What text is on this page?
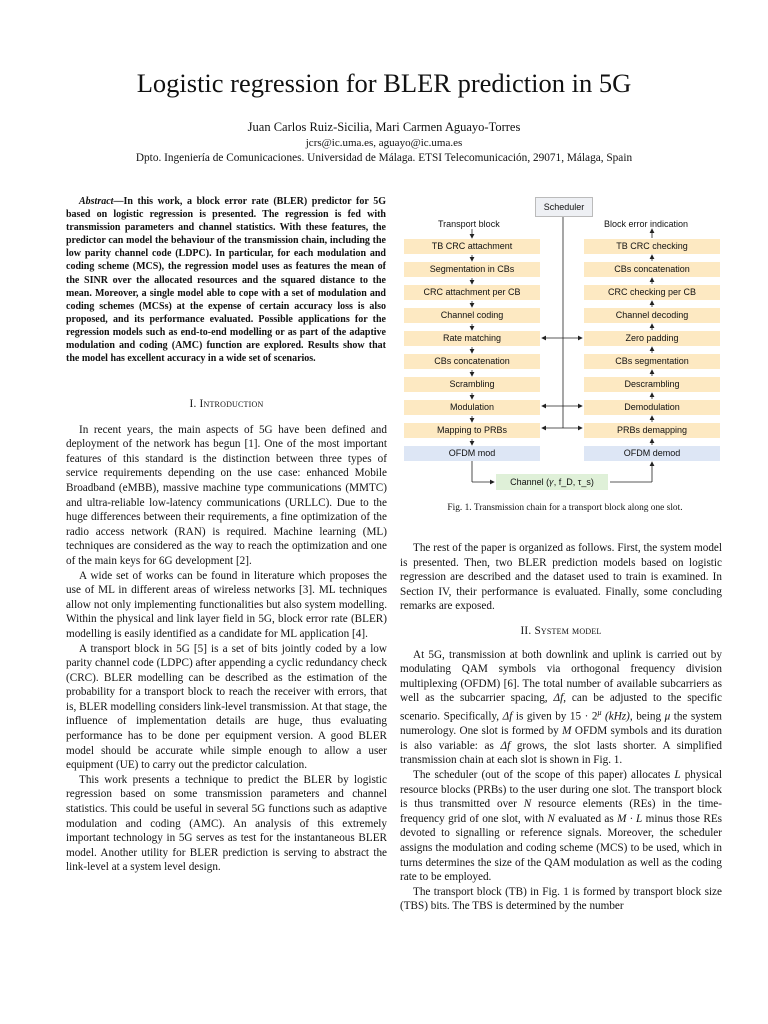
Logistic regression for BLER prediction in 5G
Juan Carlos Ruiz-Sicilia, Mari Carmen Aguayo-Torres
jcrs@ic.uma.es, aguayo@ic.uma.es
Dpto. Ingeniería de Comunicaciones. Universidad de Málaga. ETSI Telecomunicación, 29071, Málaga, Spain
Abstract—In this work, a block error rate (BLER) predictor for 5G based on logistic regression is presented. The regression is fed with transmission parameters and channel statistics. With these features, the predictor can model the behaviour of the transmission chain, including the low parity channel code (LDPC). In particular, for each modulation and coding scheme (MCS), the regression model uses as features the mean of the SINR over the allocated resources and the squared distance to the mean. Moreover, a single model able to cope with a set of modulation and coding schemes (MCSs) at the expense of certain accuracy loss is also proposed, and its performance evaluated. Possible applications for the regression models such as end-to-end modelling or as part of the adaptive modulation and coding (AMC) function are explored. Results show that the model has excellent accuracy in a wide set of scenarios.
I. Introduction

In recent years, the main aspects of 5G have been defined and deployment of the network has begun [1]. One of the most important features of this standard is the distinction between three types of service requirements depending on the use case: enhanced Mobile Broadband (eMBB), massive machine type communications (MMTC) and ultra-reliable low-latency communications (URLLC). Due to the huge differences between their requirements, a fine optimization of the radio access network (RAN) is required. Machine learning (ML) techniques are considered as the way to reach the optimization and one of the main keys for 6G development [2].

A wide set of works can be found in literature which proposes the use of ML in different areas of wireless networks [3]. ML techniques allow not only implementing functionalities but also system modelling. Within the physical and link layer field in 5G, block error rate (BLER) modelling is easily identified as a candidate for ML application [4].

A transport block in 5G [5] is a set of bits jointly coded by a low parity channel code (LDPC) after appending a cyclic redundancy check (CRC). BLER modelling can be described as the estimation of the probability for a transport block to reach the receiver with errors, that is, BLER modelling considers link-level transmission. At that stage, the influence of implementation details are huge, thus evaluating performance has to be done per equipment version. A good BLER model should be accurate while simple enough to allow a user equipment (UE) to carry out the predictor calculation.

This work presents a technique to predict the BLER by logistic regression based on some transmission parameters and channel statistics. This could be useful in several 5G functions such as adaptive modulation and coding (AMC). An analysis of this extremely important technology in 5G serves as test for the instantaneous BLER model. Another utility for BLER prediction is serving to abstract the link-level at a system level design.

Scheduler
Transport block	Block error indication
TB CRC attachment
Segmentation in CBs
CRC attachment per CB
Channel coding
Rate matching
CBs concatenation
Scrambling
Modulation
Mapping to PRBs
OFDM mod
TB CRC checking
CBs concatenation
CRC checking per CB
Channel decoding
Zero padding
CBs segmentation
Descrambling
Demodulation
PRBs demapping
OFDM demod
Channel (𝛾, f_D, τ_s)
Fig. 1. Transmission chain for a transport block along one slot.

The rest of the paper is organized as follows. First, the system model is presented. Then, two BLER prediction models based on logistic regression are described and the dataset used to train is examined. In Section IV, their performance is evaluated. Finally, some concluding remarks are exposed.

II. System model

At 5G, transmission at both downlink and uplink is carried out by modulating QAM symbols via orthogonal frequency division multiplexing (OFDM) [6]. The total number of available subcarriers as well as the subcarrier spacing, Δf, can be adjusted to the specific scenario. Specifically, Δf is given by $15 \cdot 2^\mu$ (kHz), being μ the system numerology. One slot is formed by M OFDM symbols and its duration is also variable: as Δf grows, the slot lasts shorter. A simplified transmission chain at each slot is shown in Fig. 1.

The scheduler (out of the scope of this paper) allocates L physical resource blocks (PRBs) to the user during one slot. The transport block is thus transmitted over N resource elements (REs) in the time-frequency grid of one slot, with N evaluated as M · L minus those REs devoted to signalling or reference signals. Moreover, the scheduler assigns the modulation and coding scheme (MCS) to be used, which in turns determines the size of the QAM modulation as well as the coding rate to be employed.

The transport block (TB) in Fig. 1 is formed by transport block size (TBS) bits. The TBS is determined by the number
